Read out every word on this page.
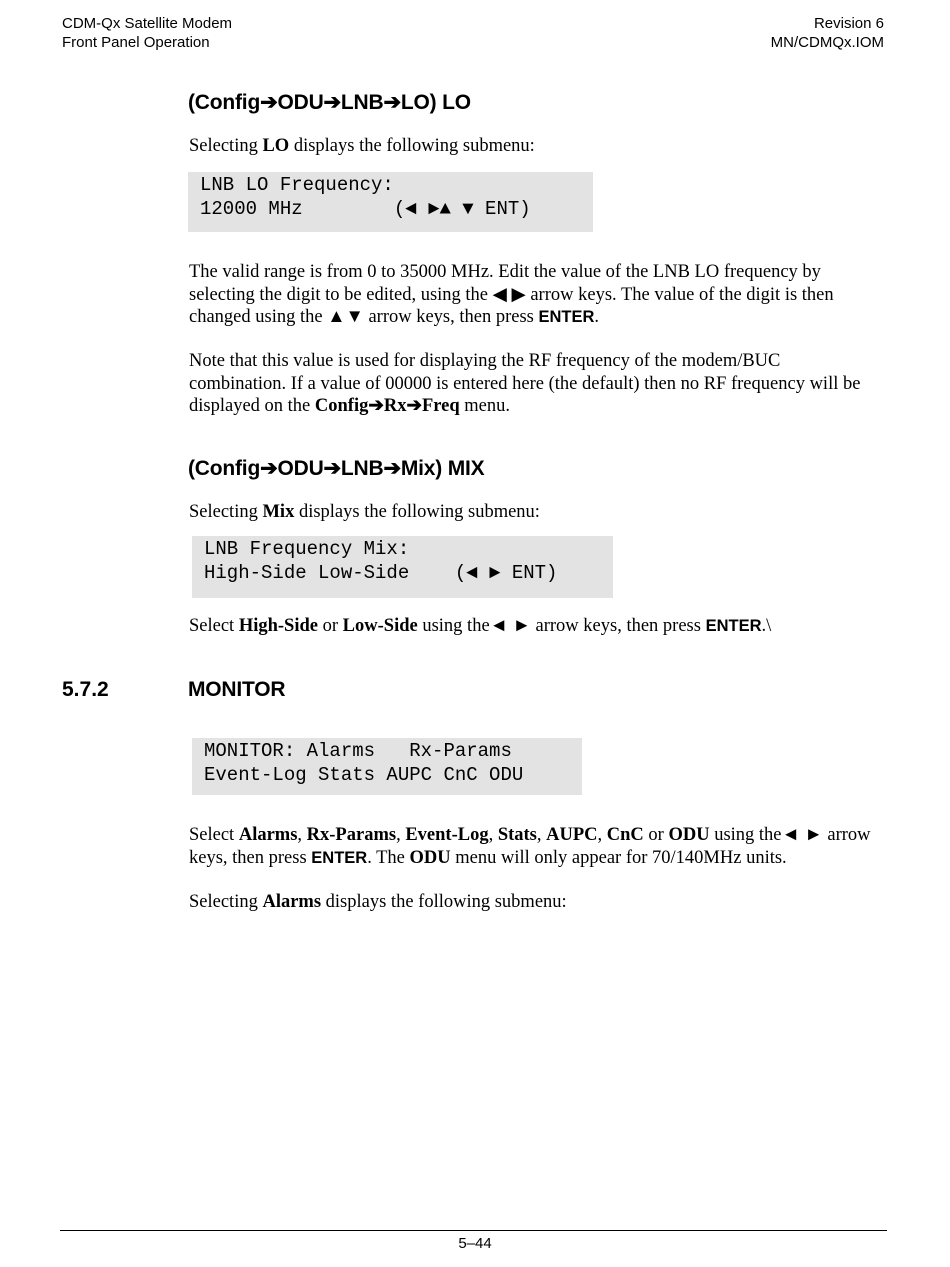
CDM-Qx Satellite Modem
Front Panel Operation
Revision 6
MN/CDMQx.IOM
(Config➔ODU➔LNB➔LO) LO
Selecting LO displays the following submenu:
LNB LO Frequency:
12000 MHz        (◄ ►▲ ▼ ENT)
The valid range is from 0 to 35000 MHz. Edit the value of the LNB LO frequency by selecting the digit to be edited, using the ◀ ▶ arrow keys. The value of the digit is then changed using the ▲▼ arrow keys, then press ENTER.
Note that this value is used for displaying the RF frequency of the modem/BUC combination. If a value of 00000 is entered here (the default) then no RF frequency will be displayed on the Config➔Rx➔Freq menu.
(Config➔ODU➔LNB➔Mix) MIX
Selecting Mix displays the following submenu:
LNB Frequency Mix:
High-Side Low-Side    (◄ ► ENT)
Select High-Side or Low-Side using the◄ ► arrow keys, then press ENTER.\
5.7.2	MONITOR
MONITOR: Alarms   Rx-Params
Event-Log Stats AUPC CnC ODU
Select Alarms, Rx-Params, Event-Log, Stats, AUPC, CnC or ODU using the◄ ► arrow keys, then press ENTER. The ODU menu will only appear for 70/140MHz units.
Selecting Alarms displays the following submenu:
5–44
